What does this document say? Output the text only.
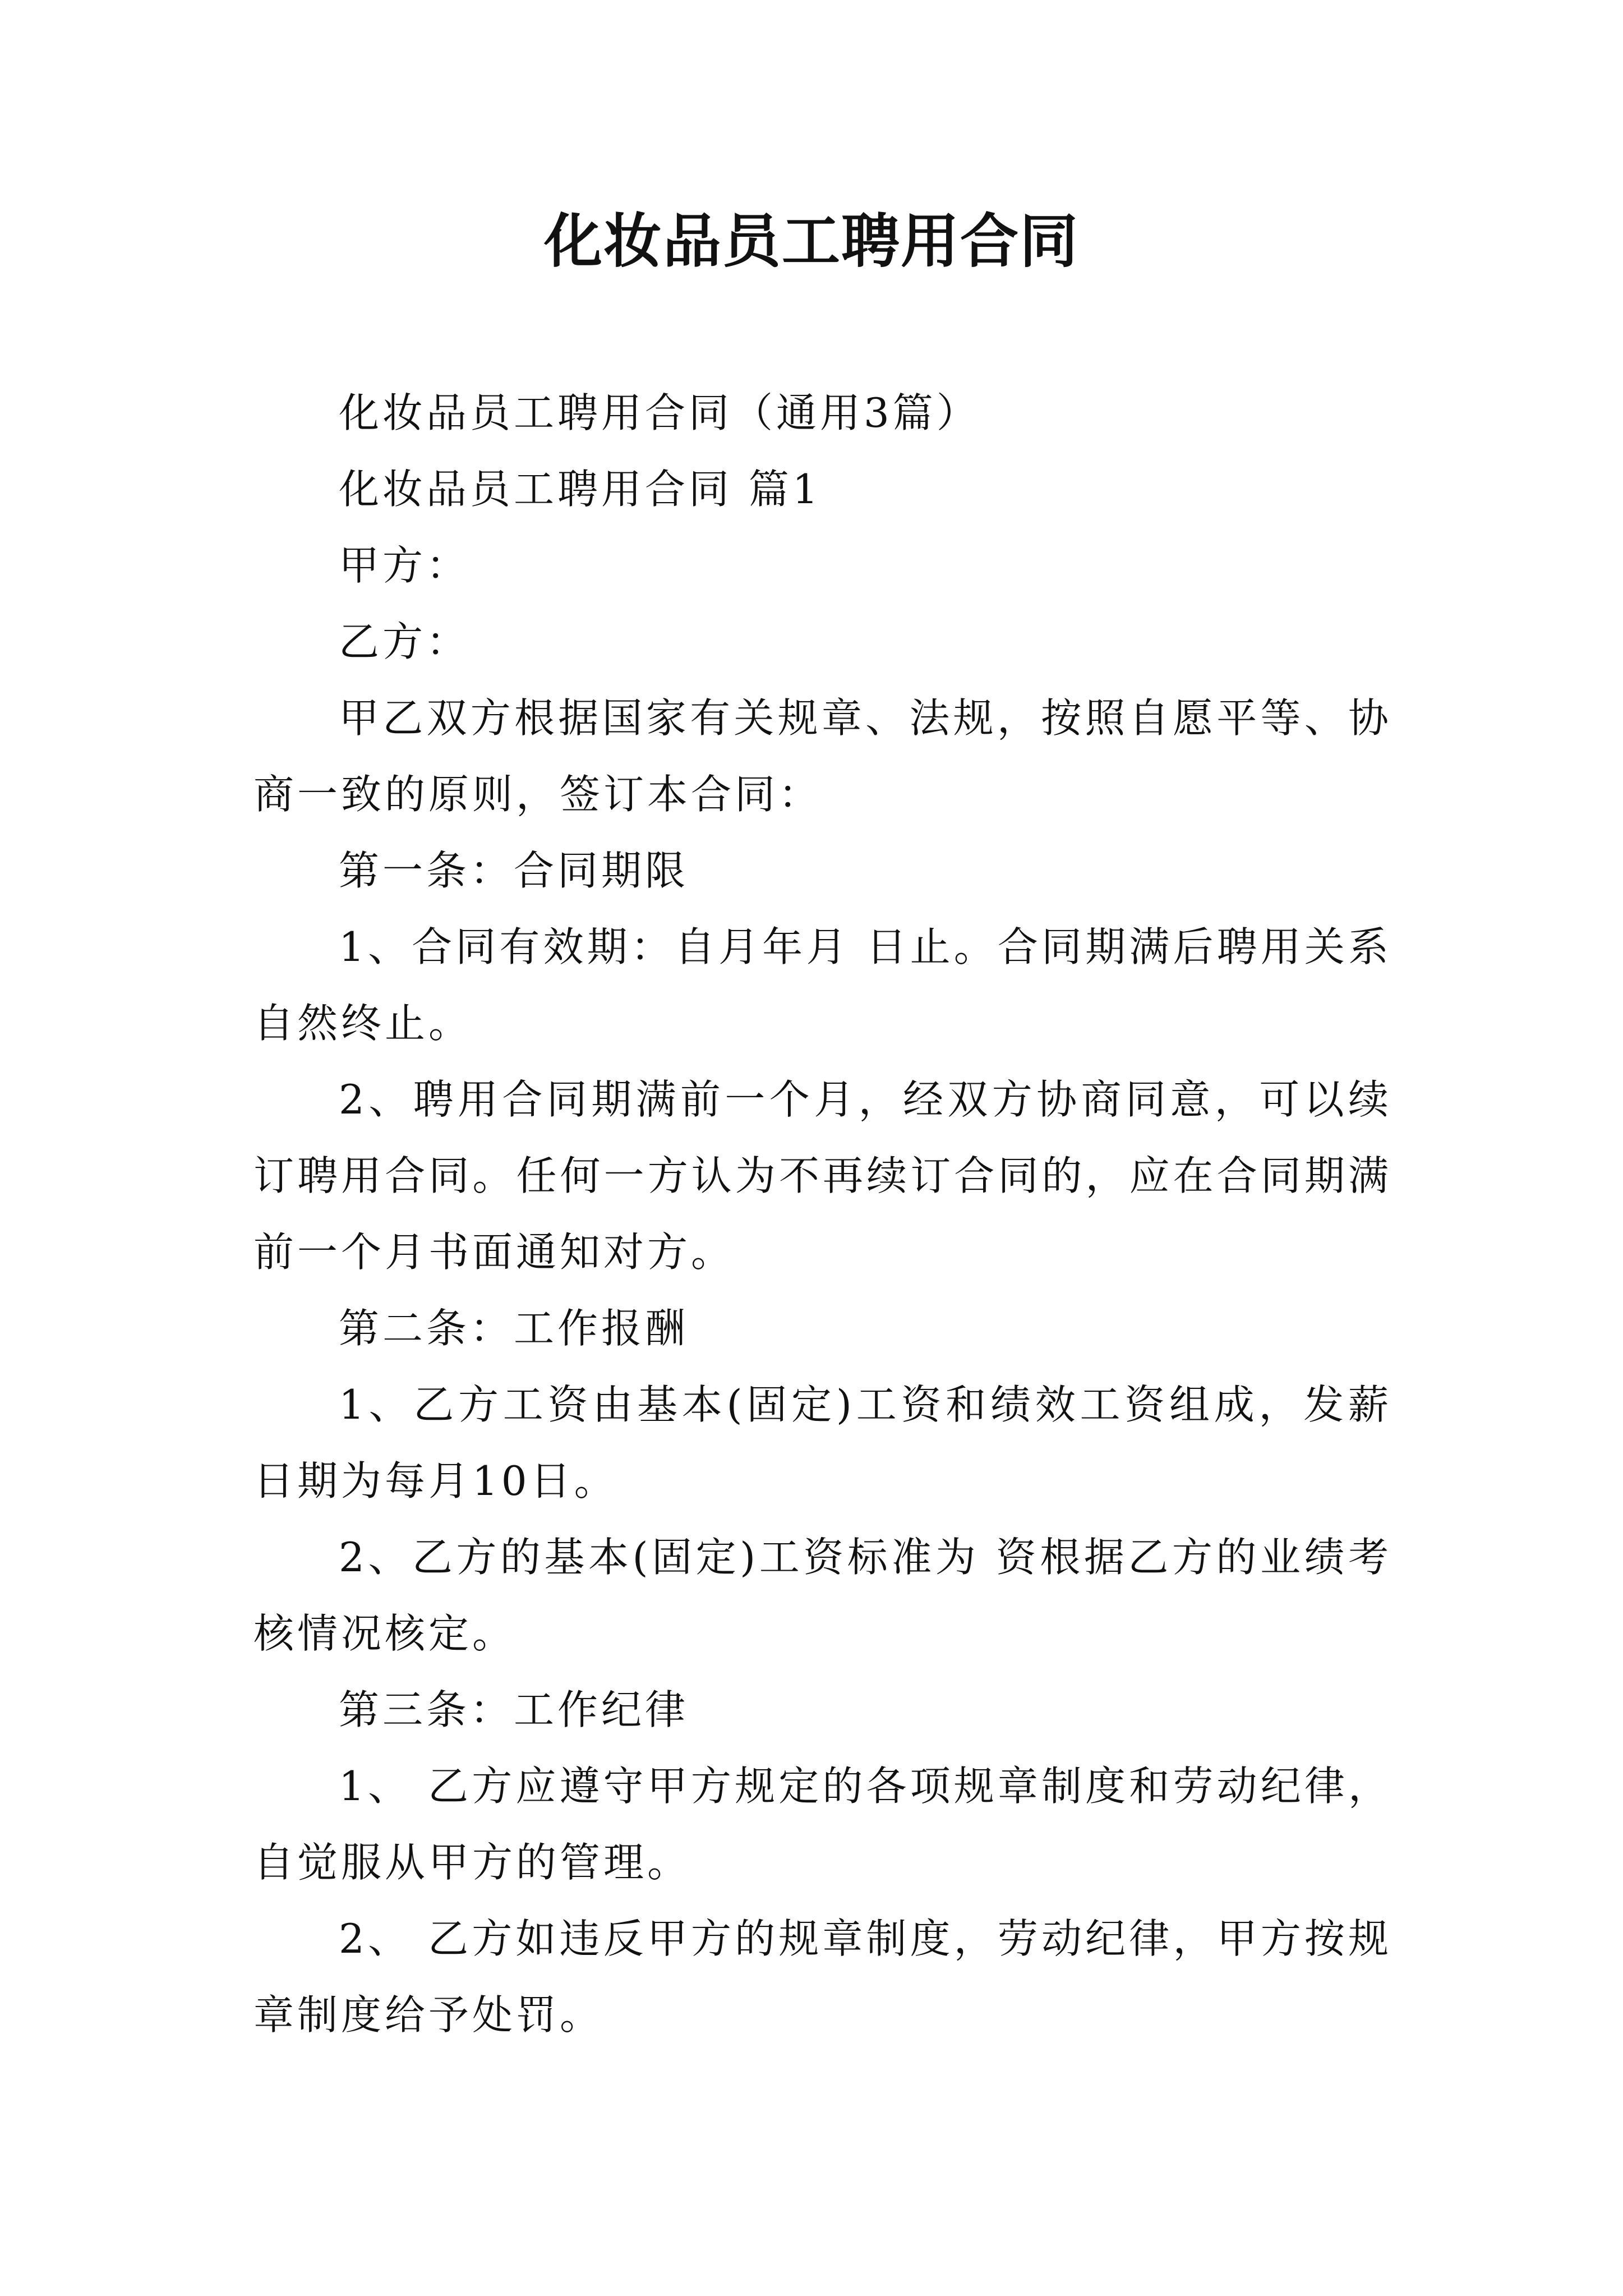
化妆品员工聘用合同

化妆品员工聘用合同（通用3篇）

化妆品员工聘用合同 篇1

甲方：

乙方：

甲乙双方根据国家有关规章、法规，按照自愿平等、协商一致的原则，签订本合同：

第一条：合同期限

1、合同有效期：自月年月 日止。合同期满后聘用关系自然终止。

2、聘用合同期满前一个月，经双方协商同意，可以续订聘用合同。任何一方认为不再续订合同的，应在合同期满前一个月书面通知对方。

第二条：工作报酬

1、乙方工资由基本(固定)工资和绩效工资组成，发薪日期为每月10日。

2、乙方的基本(固定)工资标准为 资根据乙方的业绩考核情况核定。

第三条：工作纪律

1、 乙方应遵守甲方规定的各项规章制度和劳动纪律，自觉服从甲方的管理。

2、 乙方如违反甲方的规章制度，劳动纪律，甲方按规章制度给予处罚。
